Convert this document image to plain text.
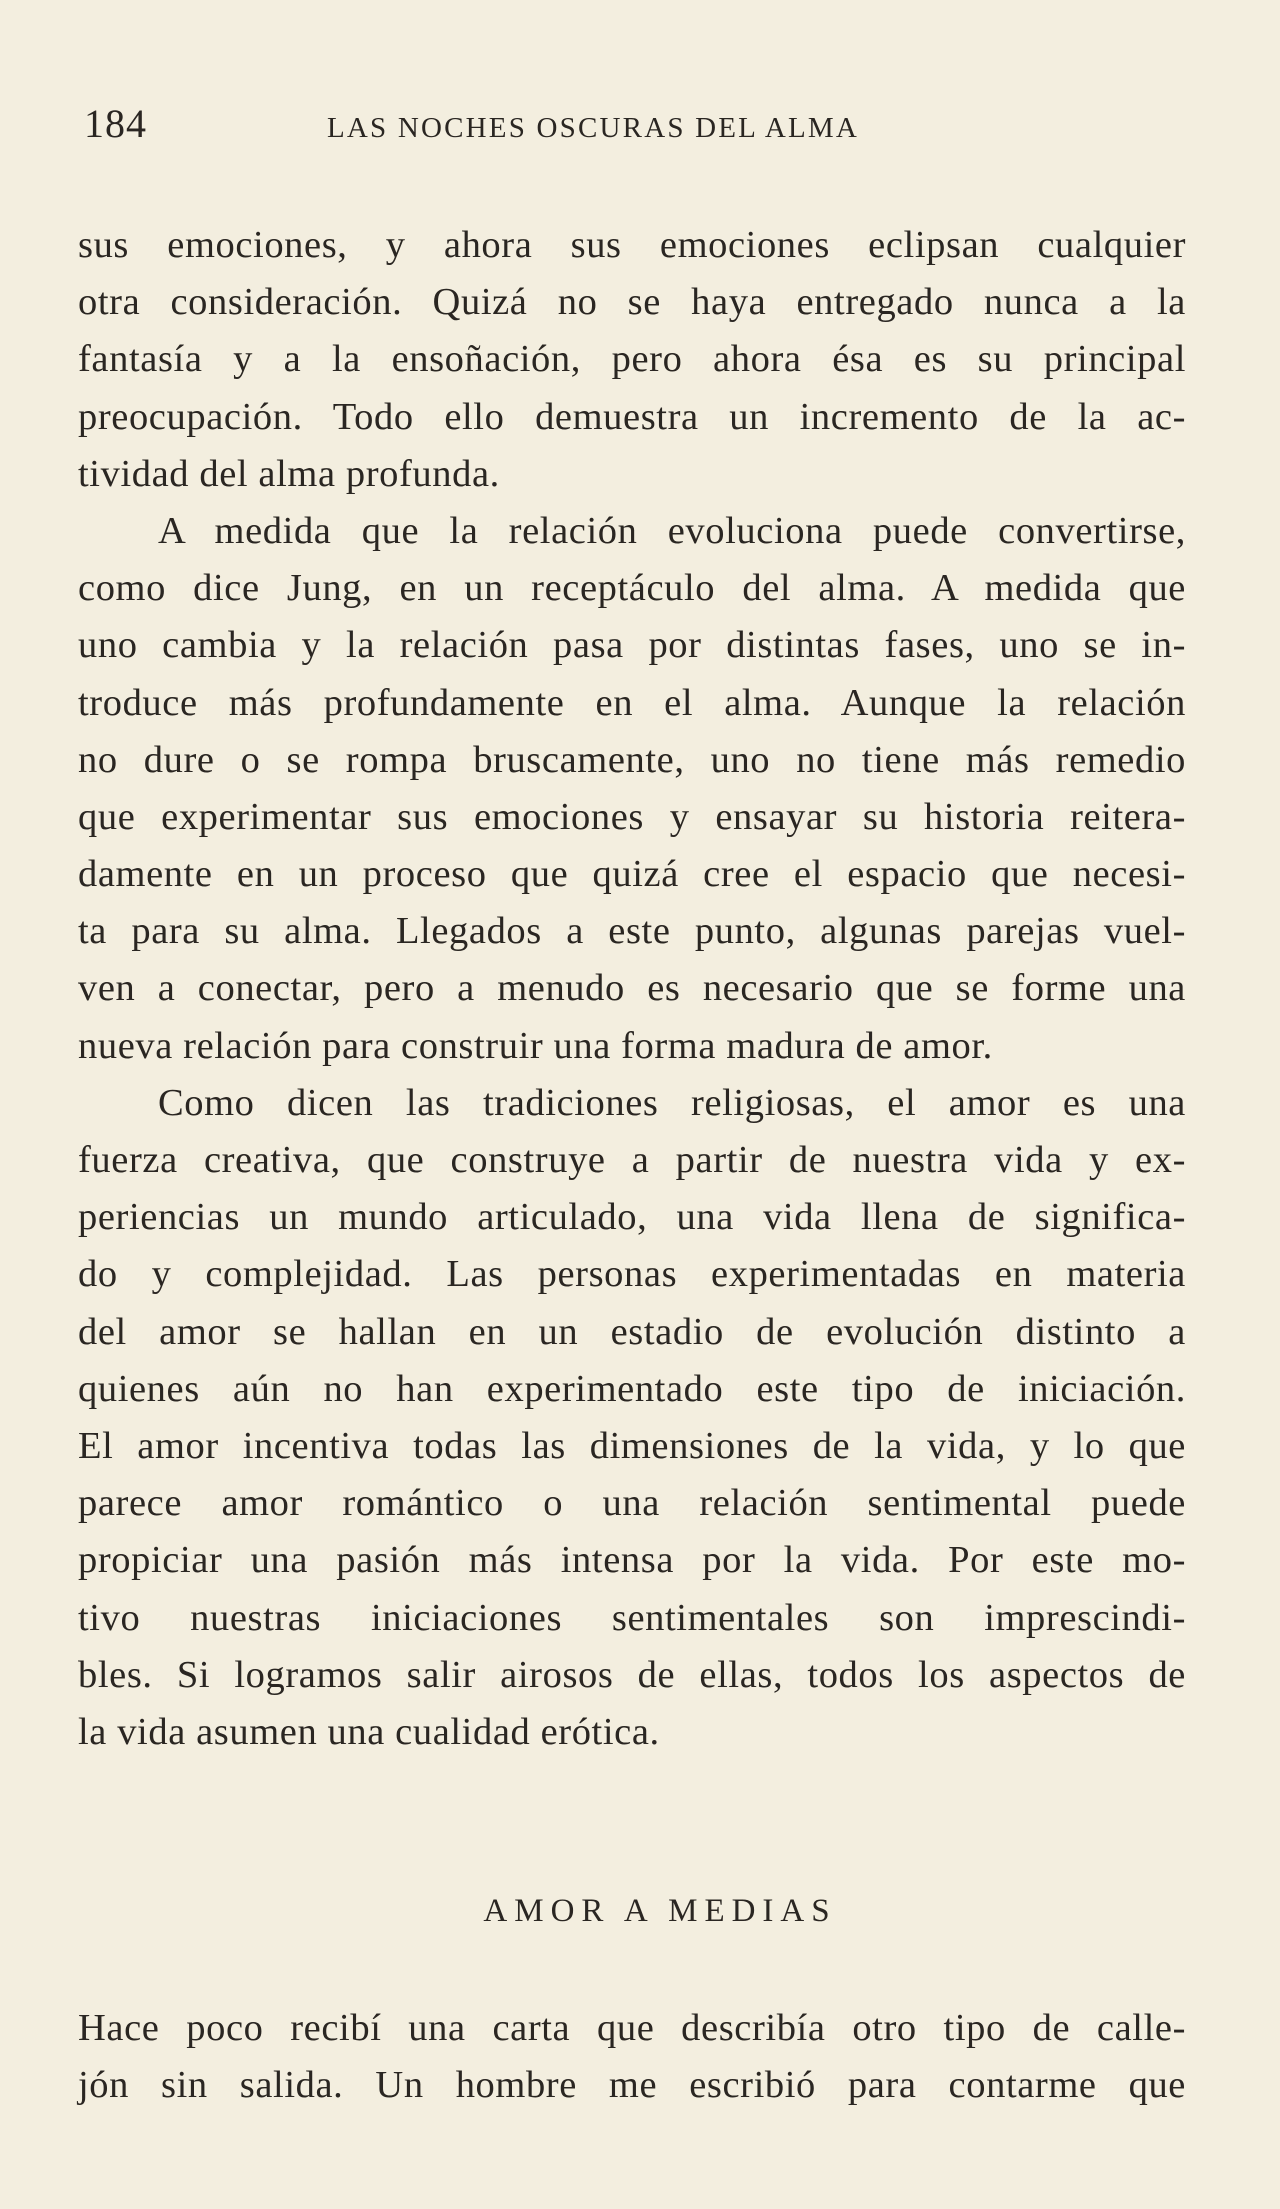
184	LAS NOCHES OSCURAS DEL ALMA
sus emociones, y ahora sus emociones eclipsan cualquier
otra consideración. Quizá no se haya entregado nunca a la
fantasía y a la ensoñación, pero ahora ésa es su principal
preocupación. Todo ello demuestra un incremento de la ac-
tividad del alma profunda.
A medida que la relación evoluciona puede convertirse,
como dice Jung, en un receptáculo del alma. A medida que
uno cambia y la relación pasa por distintas fases, uno se in-
troduce más profundamente en el alma. Aunque la relación
no dure o se rompa bruscamente, uno no tiene más remedio
que experimentar sus emociones y ensayar su historia reitera-
damente en un proceso que quizá cree el espacio que necesi-
ta para su alma. Llegados a este punto, algunas parejas vuel-
ven a conectar, pero a menudo es necesario que se forme una
nueva relación para construir una forma madura de amor.
Como dicen las tradiciones religiosas, el amor es una
fuerza creativa, que construye a partir de nuestra vida y ex-
periencias un mundo articulado, una vida llena de significa-
do y complejidad. Las personas experimentadas en materia
del amor se hallan en un estadio de evolución distinto a
quienes aún no han experimentado este tipo de iniciación.
El amor incentiva todas las dimensiones de la vida, y lo que
parece amor romántico o una relación sentimental puede
propiciar una pasión más intensa por la vida. Por este mo-
tivo nuestras iniciaciones sentimentales son imprescindi-
bles. Si logramos salir airosos de ellas, todos los aspectos de
la vida asumen una cualidad erótica.
AMOR A MEDIAS
Hace poco recibí una carta que describía otro tipo de calle-
jón sin salida. Un hombre me escribió para contarme que
